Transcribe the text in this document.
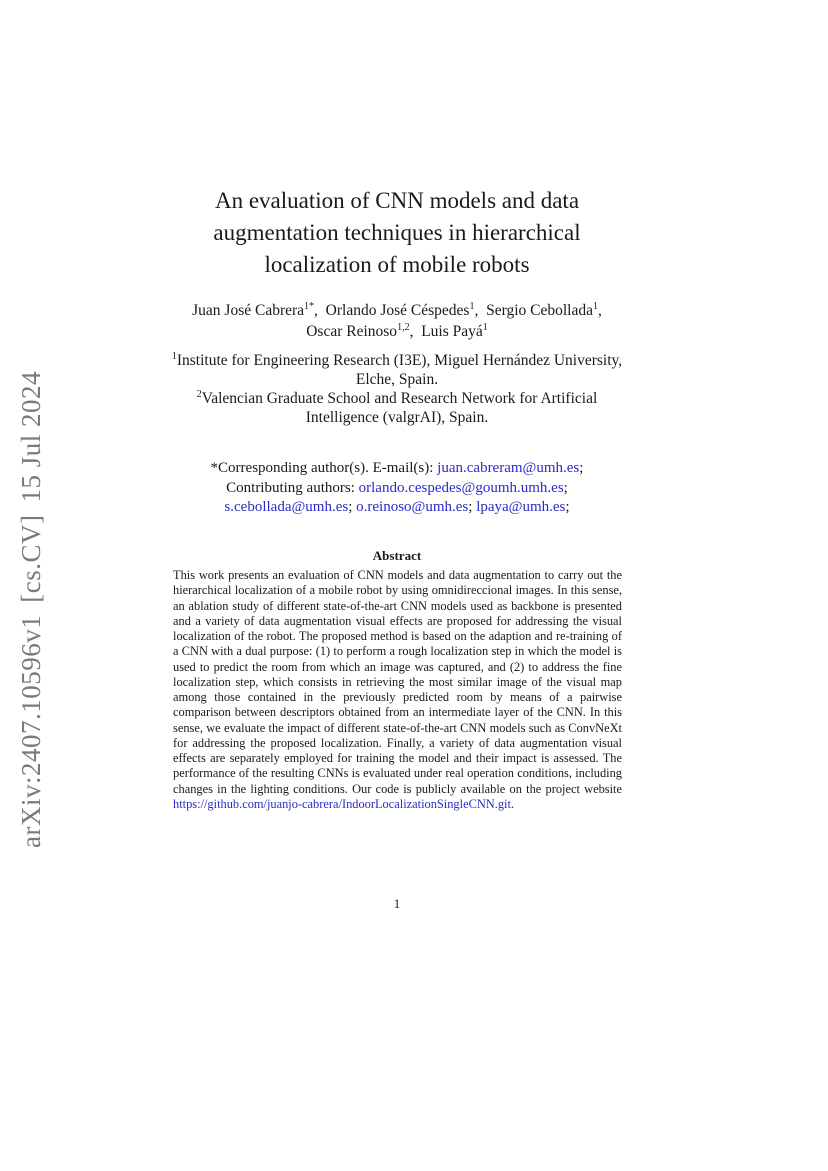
arXiv:2407.10596v1
[cs.CV]
15 Jul 2024
An evaluation of CNN models and data
augmentation techniques in hierarchical
localization of mobile robots
Juan José Cabrera$^{1*}$,  Orlando José Céspedes$^1$,  Sergio Cebollada$^1$,
Oscar Reinoso$^{1,2}$,  Luis Payá$^1$

$^1$Institute for Engineering Research (I3E), Miguel Hernández University,

Elche, Spain.

$^2$Valencian Graduate School and Research Network for Artificial

Intelligence (valgrAI), Spain.

*Corresponding author(s). E-mail(s): juan.cabreram@umh.es;

Contributing authors: orlando.cespedes@goumh.umh.es;

s.cebollada@umh.es; o.reinoso@umh.es; lpaya@umh.es;

Abstract

This work presents an evaluation of CNN models and data augmentation to carry out the hierarchical localization of a mobile robot by using omnidireccional images. In this sense, an ablation study of different state-of-the-art CNN models used as backbone is presented and a variety of data augmentation visual effects are proposed for addressing the visual localization of the robot. The proposed method is based on the adaption and re-training of a CNN with a dual purpose: (1) to perform a rough localization step in which the model is used to predict the room from which an image was captured, and (2) to address the fine localization step, which consists in retrieving the most similar image of the visual map among those contained in the previously predicted room by means of a pairwise comparison between descriptors obtained from an intermediate layer of the CNN. In this sense, we evaluate the impact of different state-of-the-art CNN models such as ConvNeXt for addressing the proposed localization. Finally, a variety of data augmentation visual effects are separately employed for training the model and their impact is assessed. The performance of the resulting CNNs is evaluated under real operation conditions, including changes in the lighting conditions. Our code is publicly available on the project website https://github.com/juanjo-cabrera/IndoorLocalizationSingleCNN.git.

1
